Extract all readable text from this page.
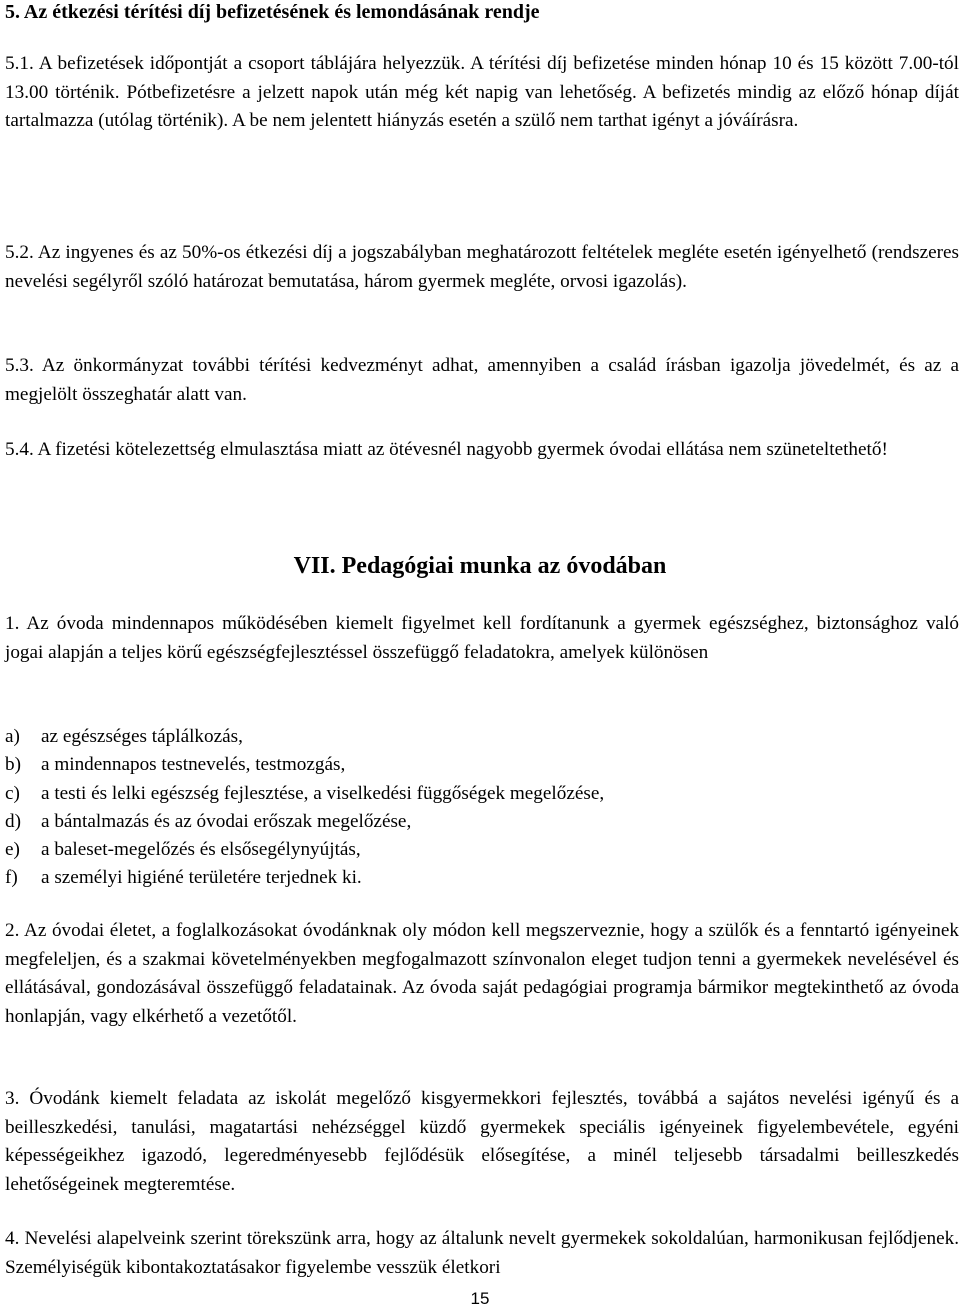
5. Az étkezési térítési díj befizetésének és lemondásának rendje

5.1. A befizetések időpontját a csoport táblájára helyezzük. A térítési díj befizetése minden hónap 10 és 15 között 7.00-tól 13.00 történik. Pótbefizetésre a jelzett napok után még két napig van lehetőség. A befizetés mindig az előző hónap díját tartalmazza (utólag történik). A be nem jelentett hiányzás esetén a szülő nem tarthat igényt a jóváírásra.

5.2. Az ingyenes és az 50%-os étkezési díj a jogszabályban meghatározott feltételek megléte esetén igényelhető (rendszeres nevelési segélyről szóló határozat bemutatása, három gyermek megléte, orvosi igazolás).

5.3. Az önkormányzat további térítési kedvezményt adhat, amennyiben a család írásban igazolja jövedelmét, és az a megjelölt összeghatár alatt van.

5.4. A fizetési kötelezettség elmulasztása miatt az ötévesnél nagyobb gyermek óvodai ellátása nem szüneteltethető!

VII. Pedagógiai munka az óvodában

1. Az óvoda mindennapos működésében kiemelt figyelmet kell fordítanunk a gyermek egészséghez, biztonsághoz való jogai alapján a teljes körű egészségfejlesztéssel összefüggő feladatokra, amelyek különösen

a) az egészséges táplálkozás,
b) a mindennapos testnevelés, testmozgás,
c) a testi és lelki egészség fejlesztése, a viselkedési függőségek megelőzése,
d) a bántalmazás és az óvodai erőszak megelőzése,
e) a baleset-megelőzés és elsősegélynyújtás,
f) a személyi higiéné területére terjednek ki.

2. Az óvodai életet, a foglalkozásokat óvodánknak oly módon kell megszerveznie, hogy a szülők és a fenntartó igényeinek megfeleljen, és a szakmai követelményekben megfogalmazott színvonalon eleget tudjon tenni a gyermekek nevelésével és ellátásával, gondozásával összefüggő feladatainak. Az óvoda saját pedagógiai programja bármikor megtekinthető az óvoda honlapján, vagy elkérhető a vezetőtől.

3. Óvodánk kiemelt feladata az iskolát megelőző kisgyermekkori fejlesztés, továbbá a sajátos nevelési igényű és a beilleszkedési, tanulási, magatartási nehézséggel küzdő gyermekek speciális igényeinek figyelembevétele, egyéni képességeikhez igazodó, legeredményesebb fejlődésük elősegítése, a minél teljesebb társadalmi beilleszkedés lehetőségeinek megteremtése.

4. Nevelési alapelveink szerint törekszünk arra, hogy az általunk nevelt gyermekek sokoldalúan, harmonikusan fejlődjenek. Személyiségük kibontakoztatásakor figyelembe vesszük életkori

15
